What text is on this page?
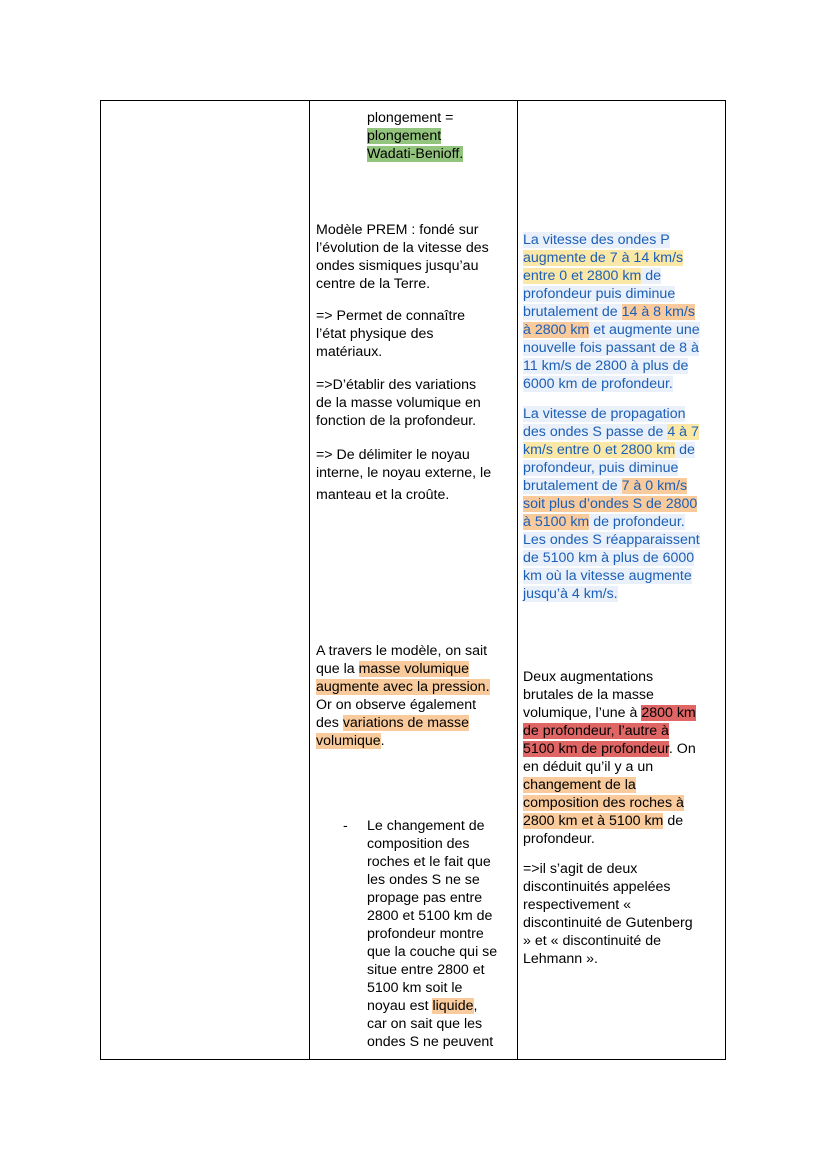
plongement =
plongement
Wadati-Benioff.
Modèle PREM : fondé sur
l’évolution de la vitesse des
ondes sismiques jusqu’au
centre de la Terre.
=> Permet de connaître
l’état physique des
matériaux.
=>D’établir des variations
de la masse volumique en
fonction de la profondeur.
=> De délimiter le noyau
interne, le noyau externe, le
manteau et la croûte.
A travers le modèle, on sait
que la masse volumique
augmente avec la pression.
Or on observe également
des variations de masse
volumique.
- Le changement de
composition des
roches et le fait que
les ondes S ne se
propage pas entre
2800 et 5100 km de
profondeur montre
que la couche qui se
situe entre 2800 et
5100 km soit le
noyau est liquide,
car on sait que les
ondes S ne peuvent
La vitesse des ondes P
augmente de 7 à 14 km/s
entre 0 et 2800 km de
profondeur puis diminue
brutalement de 14 à 8 km/s
à 2800 km et augmente une
nouvelle fois passant de 8 à
11 km/s de 2800 à plus de
6000 km de profondeur.
La vitesse de propagation
des ondes S passe de 4 à 7
km/s entre 0 et 2800 km de
profondeur, puis diminue
brutalement de 7 à 0 km/s
soit plus d’ondes S de 2800
à 5100 km de profondeur.
Les ondes S réapparaissent
de 5100 km à plus de 6000
km où la vitesse augmente
jusqu’à 4 km/s.
Deux augmentations
brutales de la masse
volumique, l’une à 2800 km
de profondeur, l’autre à
5100 km de profondeur. On
en déduit qu’il y a un
changement de la
composition des roches à
2800 km et à 5100 km de
profondeur.
=>il s’agit de deux
discontinuités appelées
respectivement «
discontinuité de Gutenberg
» et « discontinuité de
Lehmann ».
